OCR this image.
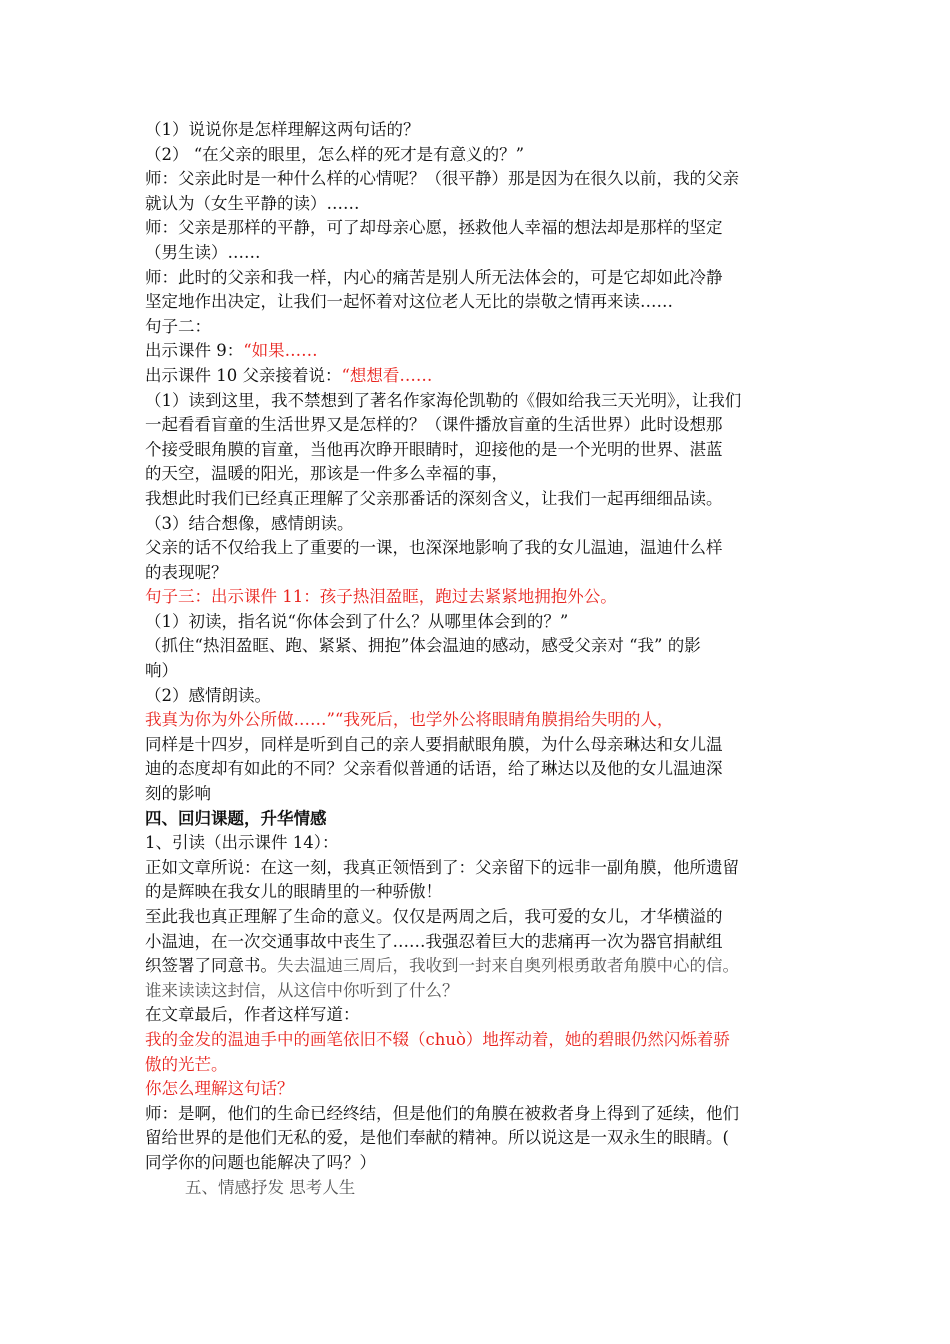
（1）说说你是怎样理解这两句话的？
（2） “在父亲的眼里，怎么样的死才是有意义的？”
师：父亲此时是一种什么样的心情呢？（很平静）那是因为在很久以前，我的父亲
就认为（女生平静的读）……
师：父亲是那样的平静，可了却母亲心愿，拯救他人幸福的想法却是那样的坚定
（男生读）……
师：此时的父亲和我一样，内心的痛苦是别人所无法体会的，可是它却如此冷静
坚定地作出决定，让我们一起怀着对这位老人无比的崇敬之情再来读……
句子二：
出示课件 9：“如果……
出示课件 10 父亲接着说：“想想看……
（1）读到这里，我不禁想到了著名作家海伦凯勒的《假如给我三天光明》，让我们
一起看看盲童的生活世界又是怎样的？（课件播放盲童的生活世界）此时设想那
个接受眼角膜的盲童，当他再次睁开眼睛时，迎接他的是一个光明的世界、湛蓝
的天空，温暖的阳光，那该是一件多么幸福的事，
我想此时我们已经真正理解了父亲那番话的深刻含义，让我们一起再细细品读。
（3）结合想像，感情朗读。
父亲的话不仅给我上了重要的一课，也深深地影响了我的女儿温迪，温迪什么样
的表现呢？
句子三：出示课件 11：孩子热泪盈眶，跑过去紧紧地拥抱外公。
（1）初读，指名说“你体会到了什么？从哪里体会到的？”
（抓住“热泪盈眶、跑、紧紧、拥抱”体会温迪的感动，感受父亲对 “我” 的影
响）
（2）感情朗读。
我真为你为外公所做……”“我死后，也学外公将眼睛角膜捐给失明的人，
同样是十四岁，同样是听到自己的亲人要捐献眼角膜，为什么母亲琳达和女儿温
迪的态度却有如此的不同？父亲看似普通的话语，给了琳达以及他的女儿温迪深
刻的影响
四、回归课题，升华情感
1、引读（出示课件 14）：
正如文章所说：在这一刻，我真正领悟到了：父亲留下的远非一副角膜，他所遗留
的是辉映在我女儿的眼睛里的一种骄傲！
至此我也真正理解了生命的意义。仅仅是两周之后，我可爱的女儿，才华横溢的
小温迪，在一次交通事故中丧生了……我强忍着巨大的悲痛再一次为器官捐献组
织签署了同意书。失去温迪三周后，我收到一封来自奥列根勇敢者角膜中心的信。
谁来读读这封信，从这信中你听到了什么？
在文章最后，作者这样写道：
我的金发的温迪手中的画笔依旧不辍（chuò）地挥动着，她的碧眼仍然闪烁着骄
傲的光芒。
你怎么理解这句话？
师：是啊，他们的生命已经终结，但是他们的角膜在被救者身上得到了延续，他们
留给世界的是他们无私的爱，是他们奉献的精神。所以说这是一双永生的眼睛。(
同学你的问题也能解决了吗？）
五、情感抒发 思考人生
